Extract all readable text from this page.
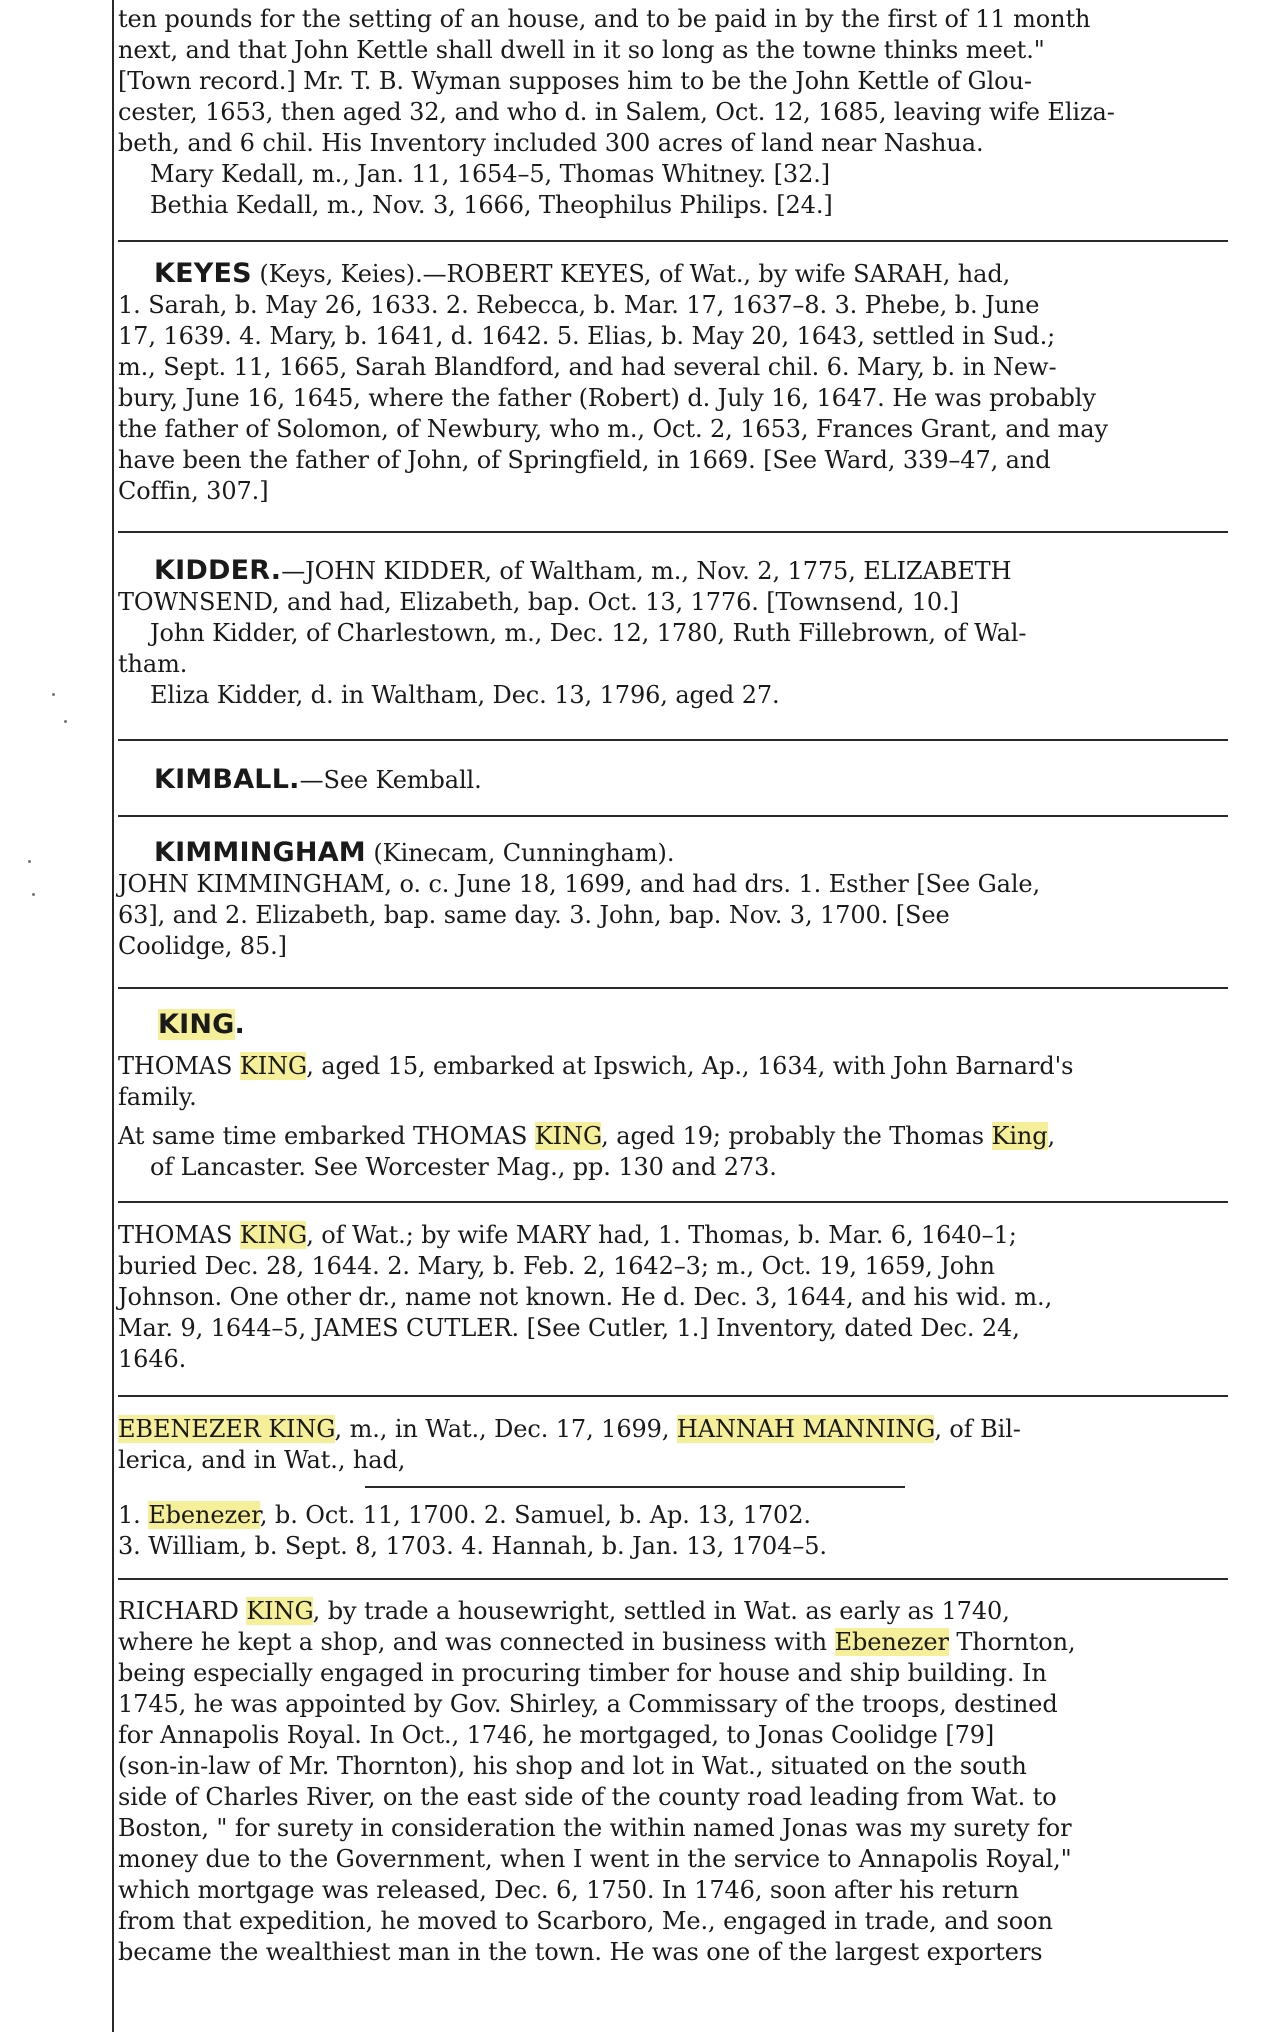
ten pounds for the setting of an house, and to be paid in by the first of 11 month
next, and that John Kettle shall dwell in it so long as the towne thinks meet."
[Town record.] Mr. T. B. Wyman supposes him to be the John Kettle of Glou-
cester, 1653, then aged 32, and who d. in Salem, Oct. 12, 1685, leaving wife Eliza-
beth, and 6 chil. His Inventory included 300 acres of land near Nashua.
Mary Kedall, m., Jan. 11, 1654–5, Thomas Whitney. [32.]
Bethia Kedall, m., Nov. 3, 1666, Theophilus Philips. [24.]
KEYES (Keys, Keies).—ROBERT KEYES, of Wat., by wife SARAH, had,
1. Sarah, b. May 26, 1633. 2. Rebecca, b. Mar. 17, 1637–8. 3. Phebe, b. June
17, 1639. 4. Mary, b. 1641, d. 1642. 5. Elias, b. May 20, 1643, settled in Sud.;
m., Sept. 11, 1665, Sarah Blandford, and had several chil. 6. Mary, b. in New-
bury, June 16, 1645, where the father (Robert) d. July 16, 1647. He was probably
the father of Solomon, of Newbury, who m., Oct. 2, 1653, Frances Grant, and may
have been the father of John, of Springfield, in 1669. [See Ward, 339–47, and
Coffin, 307.]
KIDDER.—JOHN KIDDER, of Waltham, m., Nov. 2, 1775, ELIZABETH
TOWNSEND, and had, Elizabeth, bap. Oct. 13, 1776. [Townsend, 10.]
John Kidder, of Charlestown, m., Dec. 12, 1780, Ruth Fillebrown, of Wal-
tham.
Eliza Kidder, d. in Waltham, Dec. 13, 1796, aged 27.
KIMBALL.—See Kemball.
KIMMINGHAM (Kinecam, Cunningham).
JOHN KIMMINGHAM, o. c. June 18, 1699, and had drs. 1. Esther [See Gale,
63], and 2. Elizabeth, bap. same day. 3. John, bap. Nov. 3, 1700. [See
Coolidge, 85.]
KING.
THOMAS KING, aged 15, embarked at Ipswich, Ap., 1634, with John Barnard's
family.
At same time embarked THOMAS KING, aged 19; probably the Thomas King,
of Lancaster. See Worcester Mag., pp. 130 and 273.
THOMAS KING, of Wat.; by wife MARY had, 1. Thomas, b. Mar. 6, 1640–1;
buried Dec. 28, 1644. 2. Mary, b. Feb. 2, 1642–3; m., Oct. 19, 1659, John
Johnson. One other dr., name not known. He d. Dec. 3, 1644, and his wid. m.,
Mar. 9, 1644–5, JAMES CUTLER. [See Cutler, 1.] Inventory, dated Dec. 24,
1646.
EBENEZER KING, m., in Wat., Dec. 17, 1699, HANNAH MANNING, of Bil-
lerica, and in Wat., had,
1. Ebenezer, b. Oct. 11, 1700. 2. Samuel, b. Ap. 13, 1702.
3. William, b. Sept. 8, 1703. 4. Hannah, b. Jan. 13, 1704–5.
RICHARD KING, by trade a housewright, settled in Wat. as early as 1740,
where he kept a shop, and was connected in business with Ebenezer Thornton,
being especially engaged in procuring timber for house and ship building. In
1745, he was appointed by Gov. Shirley, a Commissary of the troops, destined
for Annapolis Royal. In Oct., 1746, he mortgaged, to Jonas Coolidge [79]
(son-in-law of Mr. Thornton), his shop and lot in Wat., situated on the south
side of Charles River, on the east side of the county road leading from Wat. to
Boston, " for surety in consideration the within named Jonas was my surety for
money due to the Government, when I went in the service to Annapolis Royal,"
which mortgage was released, Dec. 6, 1750. In 1746, soon after his return
from that expedition, he moved to Scarboro, Me., engaged in trade, and soon
became the wealthiest man in the town. He was one of the largest exporters
